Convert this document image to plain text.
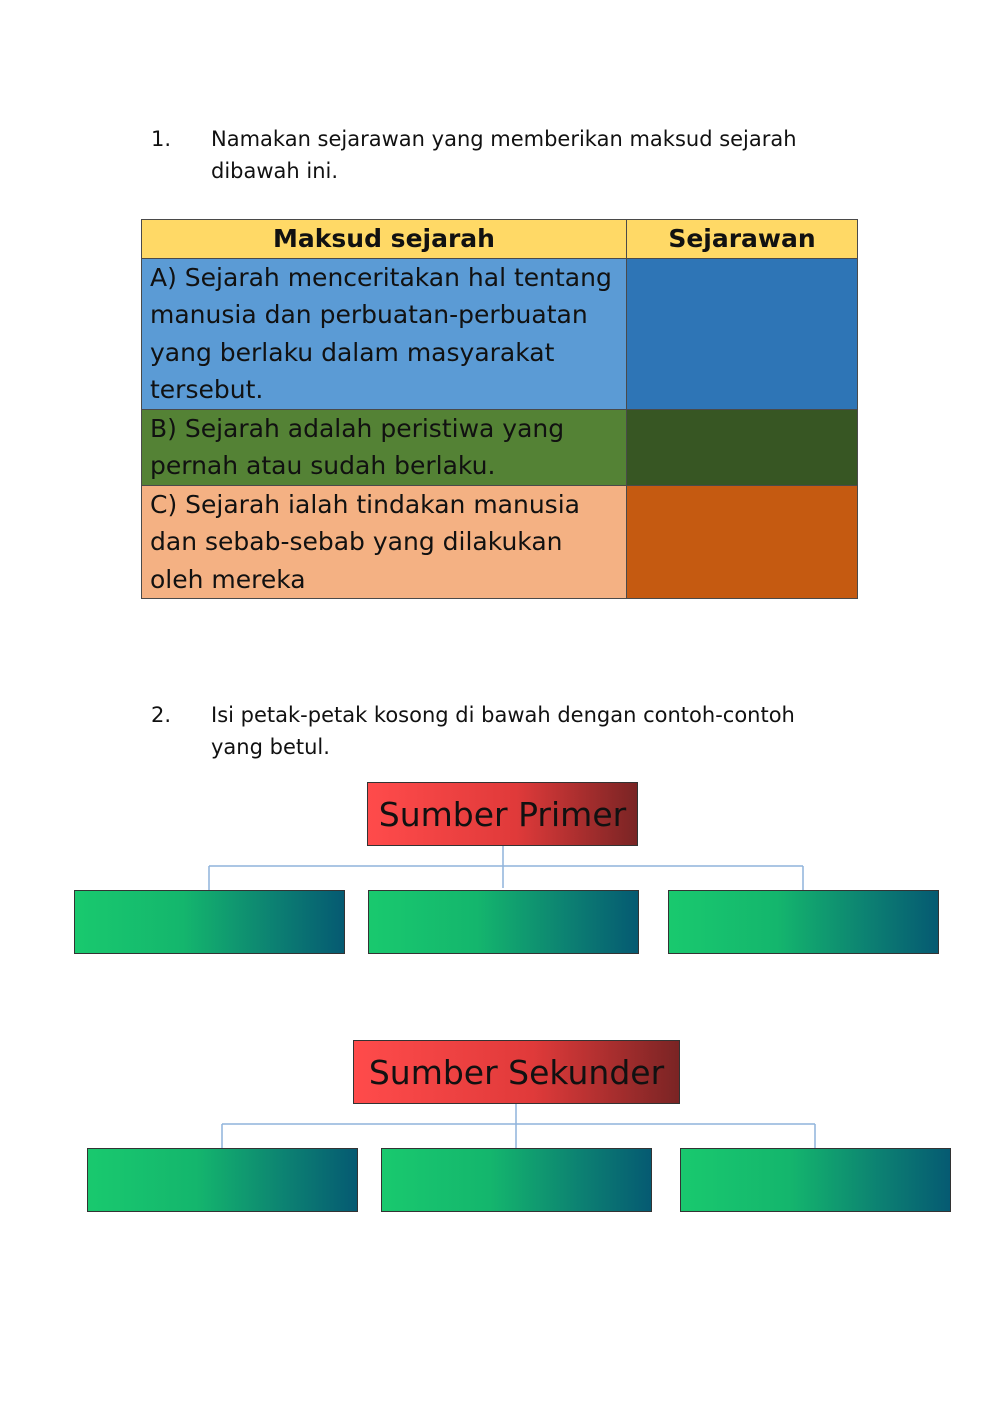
1. Namakan sejarawan yang memberikan maksud sejarah dibawah ini.
Maksud sejarah	Sejarawan
A) Sejarah menceritakan hal tentang manusia dan perbuatan-perbuatan yang berlaku dalam masyarakat tersebut.	
B) Sejarah adalah peristiwa yang pernah atau sudah berlaku.	
C) Sejarah ialah tindakan manusia dan sebab-sebab yang dilakukan oleh mereka	
2. Isi petak-petak kosong di bawah dengan contoh-contoh yang betul.
Sumber Primer
Sumber Sekunder
